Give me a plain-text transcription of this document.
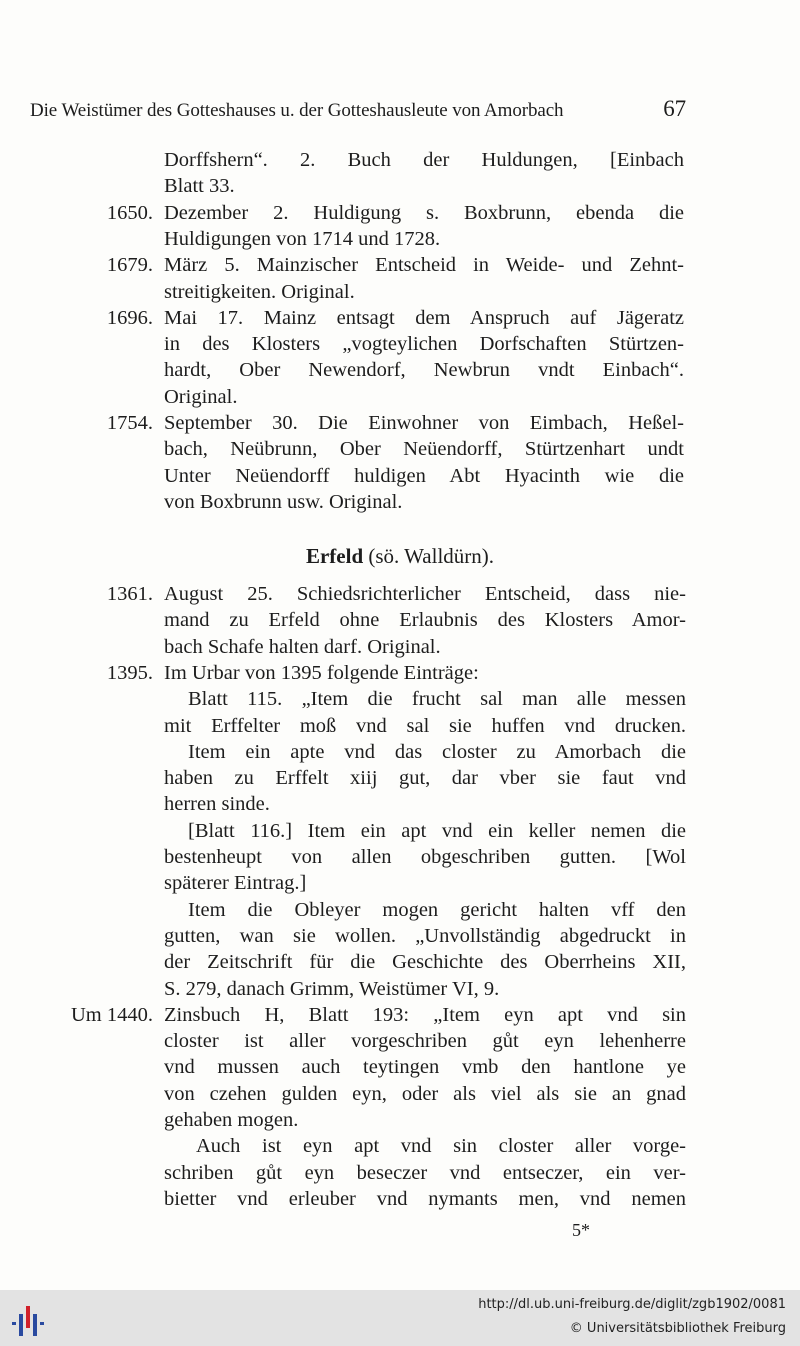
Die Weistümer des Gotteshauses u. der Gotteshausleute von Amorbach	67
Dorffshern“. 2. Buch der Huldungen, [Einbach
Blatt 33.
1650. Dezember 2. Huldigung s. Boxbrunn, ebenda die
Huldigungen von 1714 und 1728.
1679. März 5. Mainzischer Entscheid in Weide- und Zehnt-
streitigkeiten. Original.
1696. Mai 17. Mainz entsagt dem Anspruch auf Jägeratz
in des Klosters „vogteylichen Dorfschaften Stürtzen-
hardt, Ober Newendorf, Newbrun vndt Einbach“.
Original.
1754. September 30. Die Einwohner von Eimbach, Heßel-
bach, Neübrunn, Ober Neüendorff, Stürtzenhart undt
Unter Neüendorff huldigen Abt Hyacinth wie die
von Boxbrunn usw. Original.
Erfeld (sö. Walldürn).
1361. August 25. Schiedsrichterlicher Entscheid, dass nie-
mand zu Erfeld ohne Erlaubnis des Klosters Amor-
bach Schafe halten darf. Original.
1395. Im Urbar von 1395 folgende Einträge:
Blatt 115. „Item die frucht sal man alle messen
mit Erffelter moß vnd sal sie huffen vnd drucken.
Item ein apte vnd das closter zu Amorbach die
haben zu Erffelt xiij gut, dar vber sie faut vnd
herren sinde.
[Blatt 116.] Item ein apt vnd ein keller nemen die
bestenheupt von allen obgeschriben gutten. [Wol
späterer Eintrag.]
Item die Obleyer mogen gericht halten vff den
gutten, wan sie wollen. „Unvollständig abgedruckt in
der Zeitschrift für die Geschichte des Oberrheins XII,
S. 279, danach Grimm, Weistümer VI, 9.
Um 1440. Zinsbuch H, Blatt 193: „Item eyn apt vnd sin
closter ist aller vorgeschriben gůt eyn lehenherre
vnd mussen auch teytingen vmb den hantlone ye
von czehen gulden eyn, oder als viel als sie an gnad
gehaben mogen.
Auch ist eyn apt vnd sin closter aller vorge-
schriben gůt eyn beseczer vnd entseczer, ein ver-
bietter vnd erleuber vnd nymants men, vnd nemen
5*
http://dl.ub.uni-freiburg.de/diglit/zgb1902/0081
© Universitätsbibliothek Freiburg
